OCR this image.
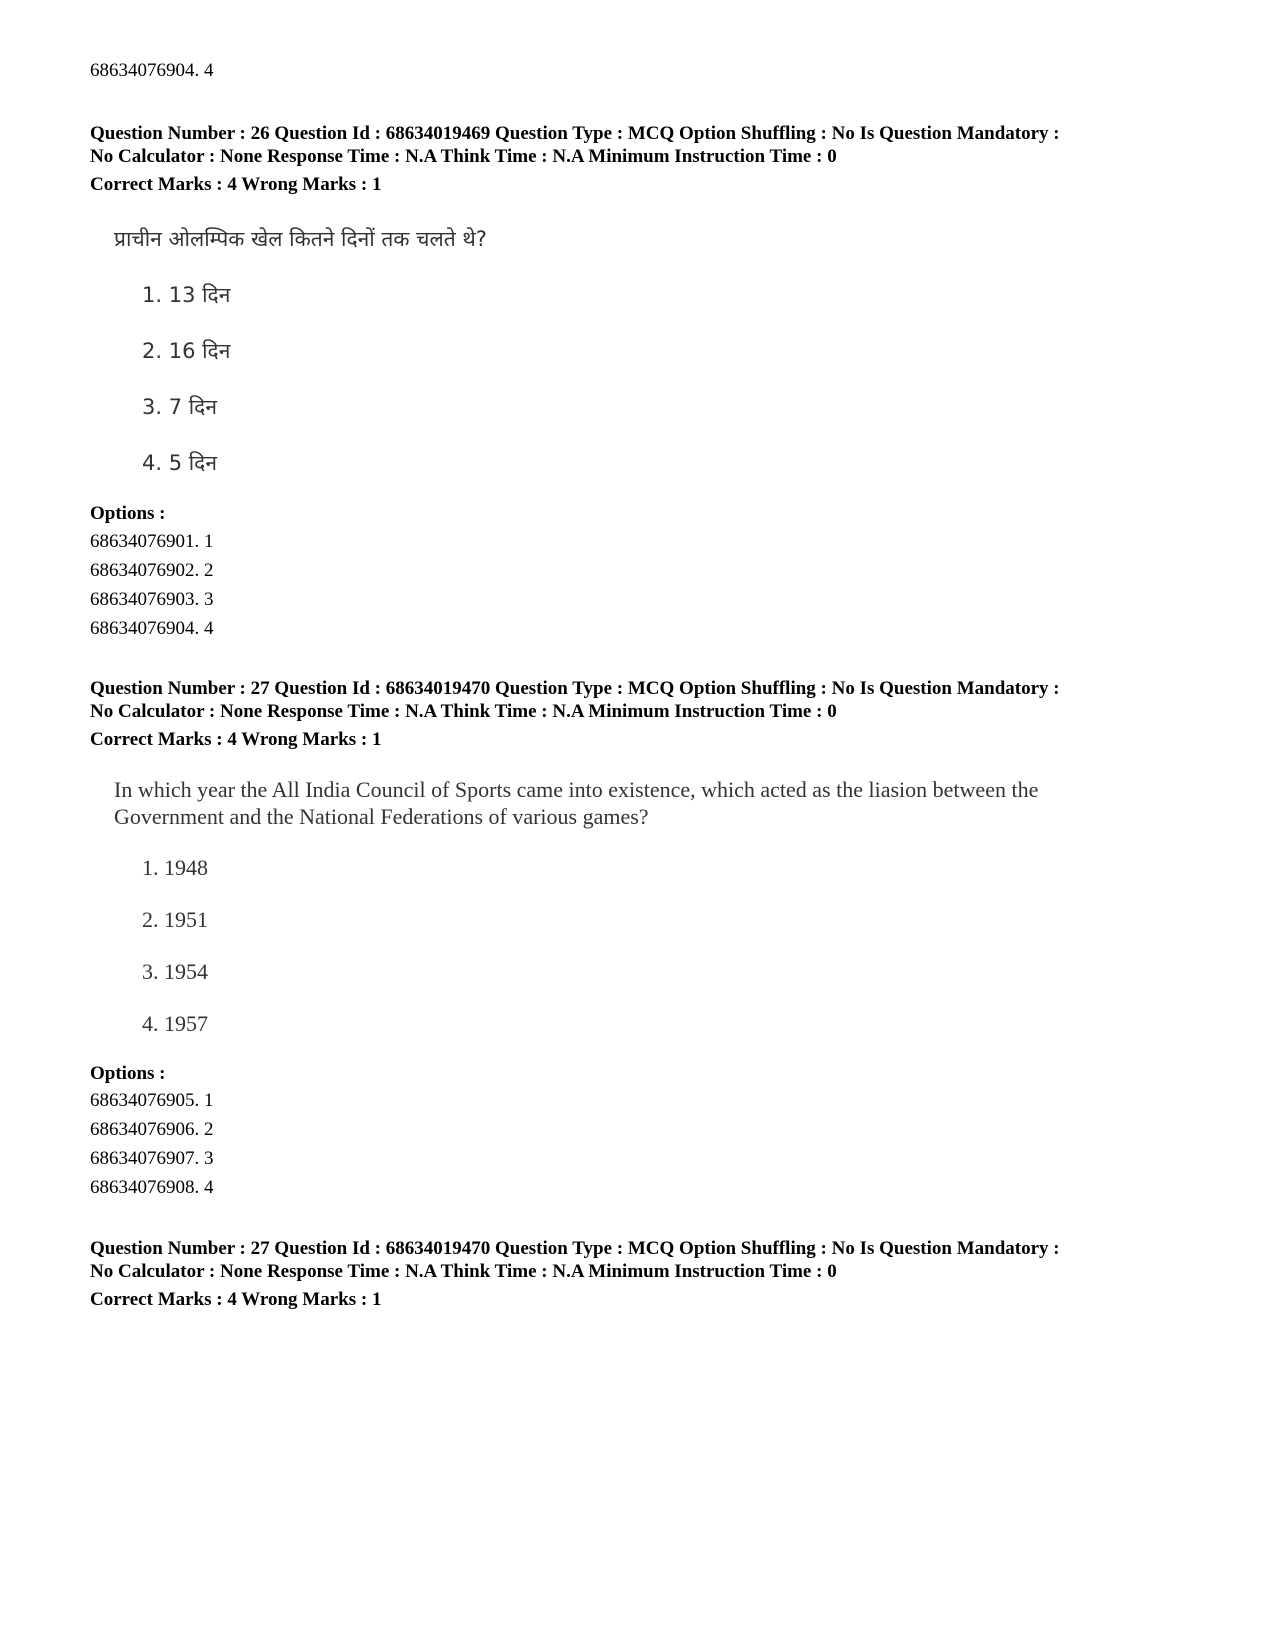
68634076904. 4
Question Number : 26 Question Id : 68634019469 Question Type : MCQ Option Shuffling : No Is Question Mandatory :
No Calculator : None Response Time : N.A Think Time : N.A Minimum Instruction Time : 0
Correct Marks : 4 Wrong Marks : 1
प्राचीन ओलम्पिक खेल कितने दिनों तक चलते थे?
1. 13 दिन
2. 16 दिन
3. 7 दिन
4. 5 दिन
Options :
68634076901. 1
68634076902. 2
68634076903. 3
68634076904. 4
Question Number : 27 Question Id : 68634019470 Question Type : MCQ Option Shuffling : No Is Question Mandatory :
No Calculator : None Response Time : N.A Think Time : N.A Minimum Instruction Time : 0
Correct Marks : 4 Wrong Marks : 1
In which year the All India Council of Sports came into existence, which acted as the liasion between the
Government and the National Federations of various games?
1. 1948
2. 1951
3. 1954
4. 1957
Options :
68634076905. 1
68634076906. 2
68634076907. 3
68634076908. 4
Question Number : 27 Question Id : 68634019470 Question Type : MCQ Option Shuffling : No Is Question Mandatory :
No Calculator : None Response Time : N.A Think Time : N.A Minimum Instruction Time : 0
Correct Marks : 4 Wrong Marks : 1
